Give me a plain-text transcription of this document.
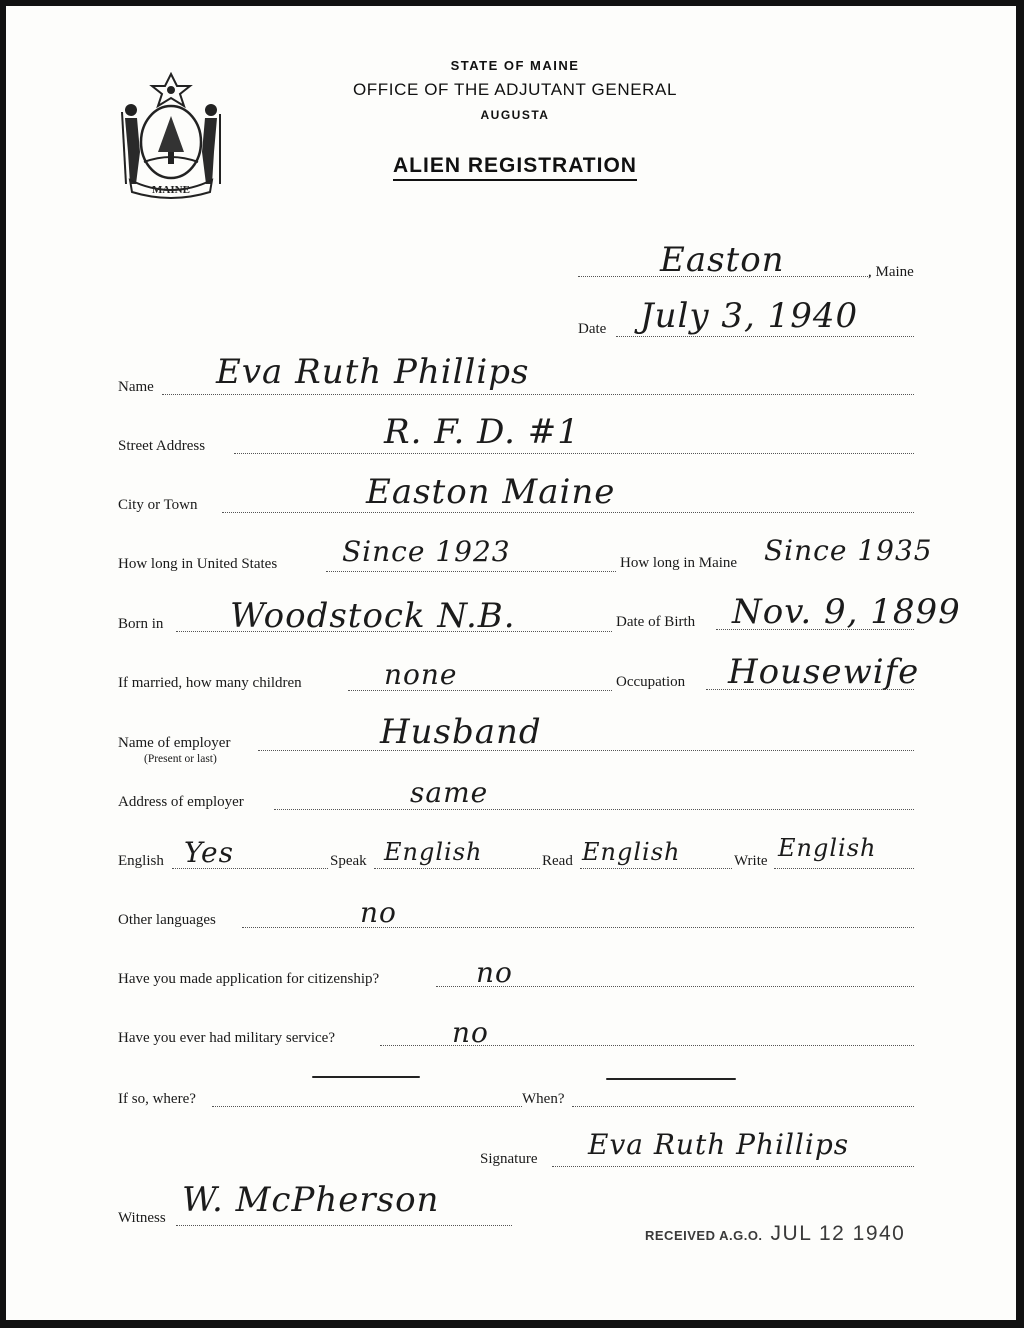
MAINE
STATE OF MAINE
OFFICE OF THE ADJUTANT GENERAL
AUGUSTA
ALIEN REGISTRATION
Easton	, Maine
Date July 3, 1940
Name Eva Ruth Phillips
Street Address	R. F. D. #1
City or Town	Easton Maine
How long in United States Since 1923	How long in Maine Since 1935
Born in Woodstock N.B.	Date of Birth Nov. 9, 1899
If married, how many children	none	Occupation Housewife
Name of employer
(Present or last)
Husband
Address of employer	same
English Yes	Speak English	Read English	Write English
Other languages	no
Have you made application for citizenship?	no
Have you ever had military service?	no
If so, where?	When?
Signature Eva Ruth Phillips
Witness W. McPherson
RECEIVED A.G.O. JUL 12 1940
